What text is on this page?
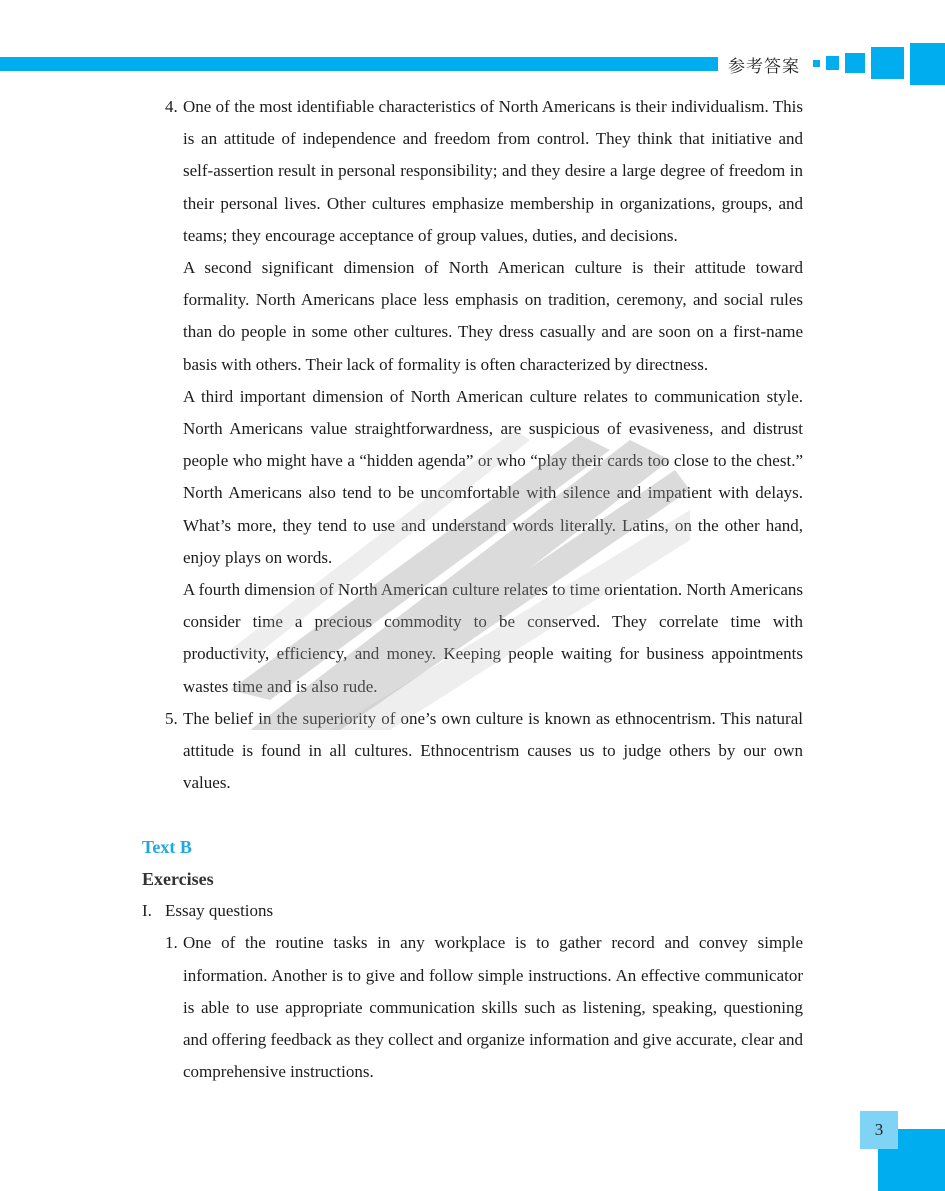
参考答案
4. One of the most identifiable characteristics of North Americans is their individualism. This is an attitude of independence and freedom from control. They think that initiative and self-assertion result in personal responsibility; and they desire a large degree of freedom in their personal lives. Other cultures emphasize membership in organizations, groups, and teams; they encourage acceptance of group values, duties, and decisions.

A second significant dimension of North American culture is their attitude toward formality. North Americans place less emphasis on tradition, ceremony, and social rules than do people in some other cultures. They dress casually and are soon on a first-name basis with others. Their lack of formality is often characterized by directness.

A third important dimension of North American culture relates to communication style. North Americans value straightforwardness, are suspicious of evasiveness, and distrust people who might have a “hidden agenda” or who “play their cards too close to the chest.” North Americans also tend to be uncomfortable with silence and impatient with delays. What’s more, they tend to use and understand words literally. Latins, on the other hand, enjoy plays on words.

A fourth dimension of North American culture relates to time orientation. North Americans consider time a precious commodity to be conserved. They correlate time with productivity, efficiency, and money. Keeping people waiting for business appointments wastes time and is also rude.

5. The belief in the superiority of one’s own culture is known as ethnocentrism. This natural attitude is found in all cultures. Ethnocentrism causes us to judge others by our own values.

Text B
Exercises
I. Essay questions
1. One of the routine tasks in any workplace is to gather record and convey simple information. Another is to give and follow simple instructions. An effective communicator is able to use appropriate communication skills such as listening, speaking, questioning and offering feedback as they collect and organize information and give accurate, clear and comprehensive instructions.

3
